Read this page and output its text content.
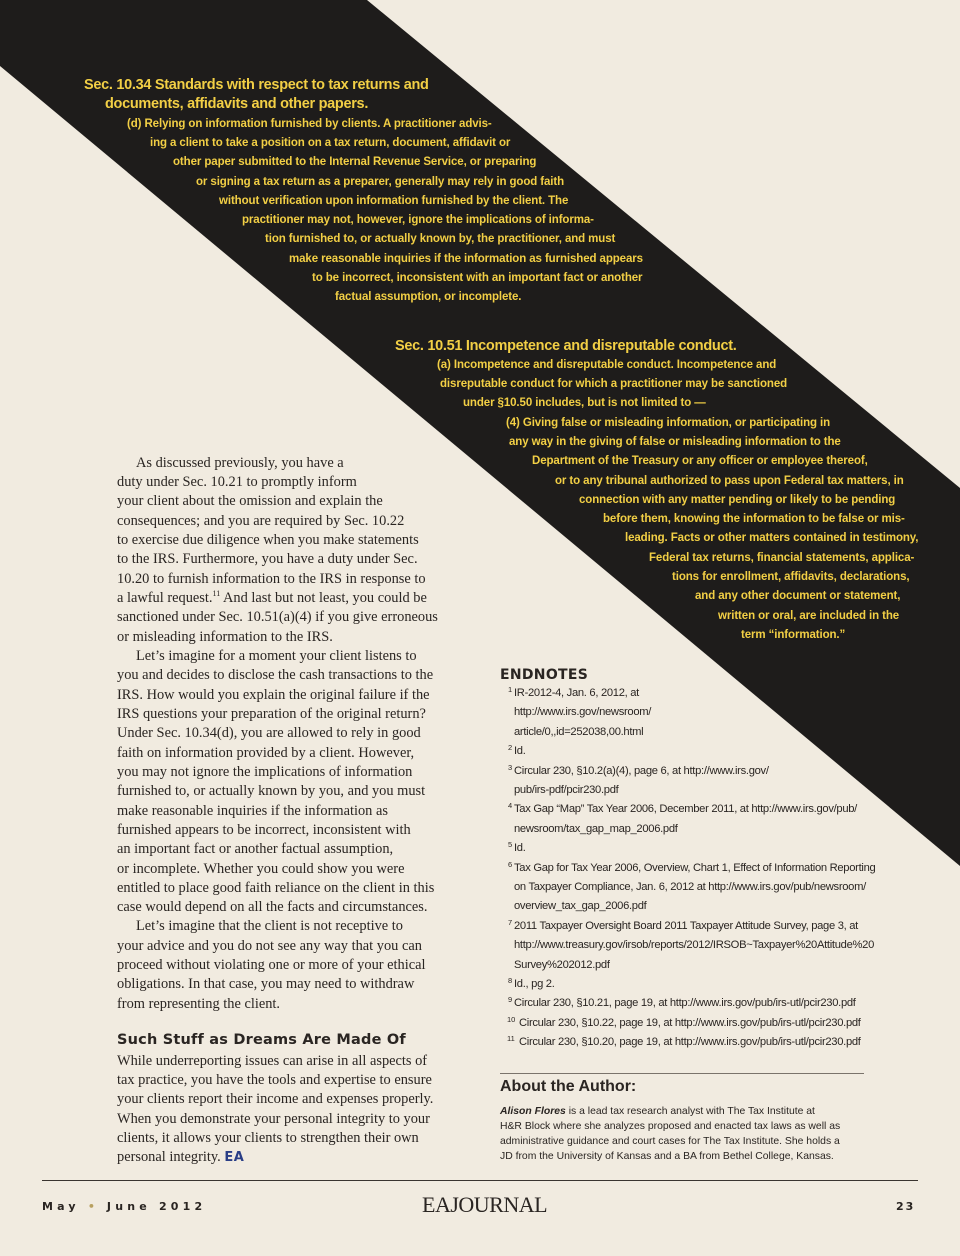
Sec. 10.34 Standards with respect to tax returns and
documents, affidavits and other papers.
(d) Relying on information furnished by clients. A practitioner advis-
ing a client to take a position on a tax return, document, affidavit or
other paper submitted to the Internal Revenue Service, or preparing
or signing a tax return as a preparer, generally may rely in good faith
without verification upon information furnished by the client. The
practitioner may not, however, ignore the implications of informa-
tion furnished to, or actually known by, the practitioner, and must
make reasonable inquiries if the information as furnished appears
to be incorrect, inconsistent with an important fact or another
factual assumption, or incomplete.
Sec. 10.51 Incompetence and disreputable conduct.
(a) Incompetence and disreputable conduct. Incompetence and
disreputable conduct for which a practitioner may be sanctioned
under §10.50 includes, but is not limited to —
(4) Giving false or misleading information, or participating in
any way in the giving of false or misleading information to the
Department of the Treasury or any officer or employee thereof,
or to any tribunal authorized to pass upon Federal tax matters, in
connection with any matter pending or likely to be pending
before them, knowing the information to be false or mis-
leading. Facts or other matters contained in testimony,
Federal tax returns, financial statements, applica-
tions for enrollment, affidavits, declarations,
and any other document or statement,
written or oral, are included in the
term “information.”
As discussed previously, you have a
duty under Sec. 10.21 to promptly inform
your client about the omission and explain the
consequences; and you are required by Sec. 10.22
to exercise due diligence when you make statements
to the IRS. Furthermore, you have a duty under Sec.
10.20 to furnish information to the IRS in response to
a lawful request.$^{11}$ And last but not least, you could be
sanctioned under Sec. 10.51(a)(4) if you give erroneous
or misleading information to the IRS.
Let’s imagine for a moment your client listens to
you and decides to disclose the cash transactions to the
IRS. How would you explain the original failure if the
IRS questions your preparation of the original return?
Under Sec. 10.34(d), you are allowed to rely in good
faith on information provided by a client. However,
you may not ignore the implications of information
furnished to, or actually known by you, and you must
make reasonable inquiries if the information as
furnished appears to be incorrect, inconsistent with
an important fact or another factual assumption,
or incomplete. Whether you could show you were
entitled to place good faith reliance on the client in this
case would depend on all the facts and circumstances.
Let’s imagine that the client is not receptive to
your advice and you do not see any way that you can
proceed without violating one or more of your ethical
obligations. In that case, you may need to withdraw
from representing the client.
Such Stuff as Dreams Are Made Of
While underreporting issues can arise in all aspects of
tax practice, you have the tools and expertise to ensure
your clients report their income and expenses properly.
When you demonstrate your personal integrity to your
clients, it allows your clients to strengthen their own
personal integrity. EA
ENDNOTES
1 IR-2012-4, Jan. 6, 2012, at
http://www.irs.gov/newsroom/
article/0,,id=252038,00.html
2 Id.
3 Circular 230, §10.2(a)(4), page 6, at http://www.irs.gov/
pub/irs-pdf/pcir230.pdf
4 Tax Gap “Map” Tax Year 2006, December 2011, at http://www.irs.gov/pub/
newsroom/tax_gap_map_2006.pdf
5 Id.
6 Tax Gap for Tax Year 2006, Overview, Chart 1, Effect of Information Reporting
on Taxpayer Compliance, Jan. 6, 2012 at http://www.irs.gov/pub/newsroom/
overview_tax_gap_2006.pdf
7 2011 Taxpayer Oversight Board 2011 Taxpayer Attitude Survey, page 3, at
http://www.treasury.gov/irsob/reports/2012/IRSOB~Taxpayer%20Attitude%20
Survey%202012.pdf
8 Id., pg 2.
9 Circular 230, §10.21, page 19, at http://www.irs.gov/pub/irs-utl/pcir230.pdf
10 Circular 230, §10.22, page 19, at http://www.irs.gov/pub/irs-utl/pcir230.pdf
11 Circular 230, §10.20, page 19, at http://www.irs.gov/pub/irs-utl/pcir230.pdf
About the Author:
Alison Flores is a lead tax research analyst with The Tax Institute at
H&R Block where she analyzes proposed and enacted tax laws as well as
administrative guidance and court cases for The Tax Institute. She holds a
JD from the University of Kansas and a BA from Bethel College, Kansas.
May • June 2012	EAJOURNAL	23
